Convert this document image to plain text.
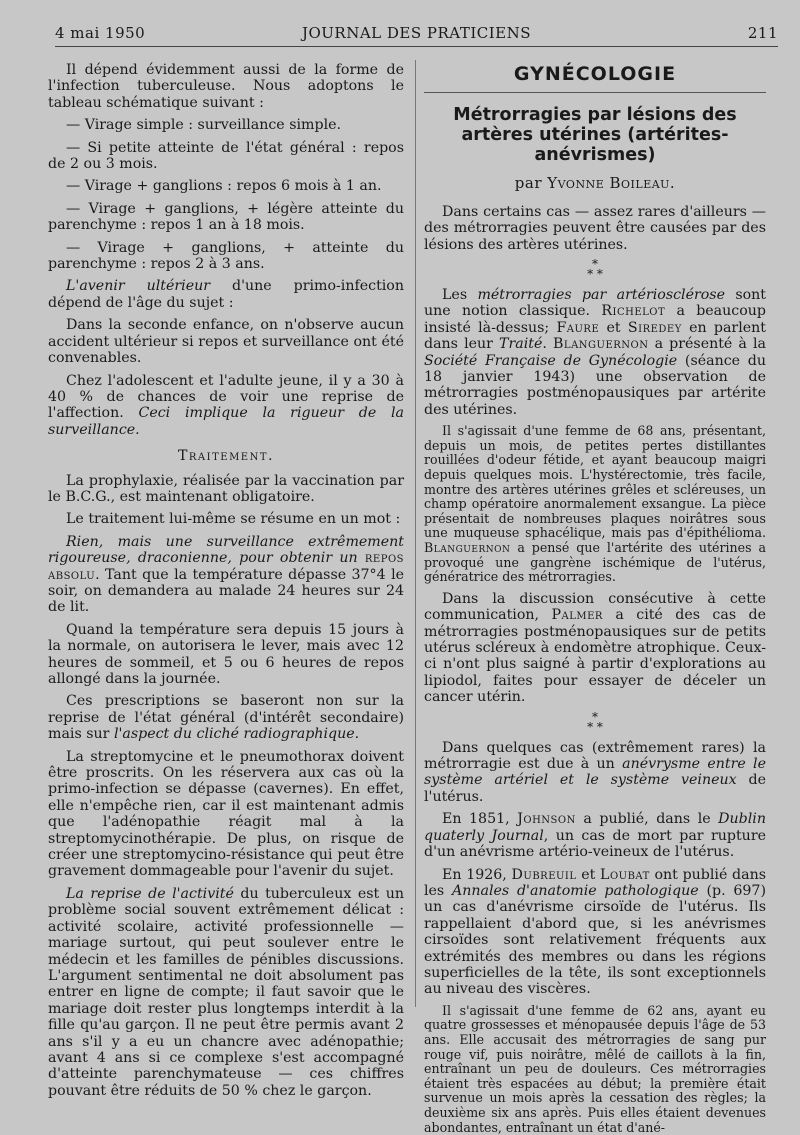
4 mai 1950	JOURNAL DES PRATICIENS	211

Il dépend évidemment aussi de la forme de l'infection tuberculeuse. Nous adoptons le tableau schématique suivant :

— Virage simple : surveillance simple.

— Si petite atteinte de l'état général : repos de 2 ou 3 mois.

— Virage + ganglions : repos 6 mois à 1 an.

— Virage + ganglions, + légère atteinte du parenchyme : repos 1 an à 18 mois.

— Virage + ganglions, + atteinte du parenchyme : repos 2 à 3 ans.

L'avenir ultérieur d'une primo-infection dépend de l'âge du sujet :

Dans la seconde enfance, on n'observe aucun accident ultérieur si repos et surveillance ont été convenables.

Chez l'adolescent et l'adulte jeune, il y a 30 à 40 % de chances de voir une reprise de l'affection. Ceci implique la rigueur de la surveillance.

Traitement.

La prophylaxie, réalisée par la vaccination par le B.C.G., est maintenant obligatoire.

Le traitement lui-même se résume en un mot :

Rien, mais une surveillance extrêmement rigoureuse, draconienne, pour obtenir un repos absolu. Tant que la température dépasse 37°4 le soir, on demandera au malade 24 heures sur 24 de lit.

Quand la température sera depuis 15 jours à la normale, on autorisera le lever, mais avec 12 heures de sommeil, et 5 ou 6 heures de repos allongé dans la journée.

Ces prescriptions se baseront non sur la reprise de l'état général (d'intérêt secondaire) mais sur l'aspect du cliché radiographique.

La streptomycine et le pneumothorax doivent être proscrits. On les réservera aux cas où la primo-infection se dépasse (cavernes). En effet, elle n'empêche rien, car il est maintenant admis que l'adénopathie réagit mal à la streptomycinothérapie. De plus, on risque de créer une streptomycino-résistance qui peut être gravement dommageable pour l'avenir du sujet.

La reprise de l'activité du tuberculeux est un problème social souvent extrêmement délicat : activité scolaire, activité professionnelle — mariage surtout, qui peut soulever entre le médecin et les familles de pénibles discussions. L'argument sentimental ne doit absolument pas entrer en ligne de compte; il faut savoir que le mariage doit rester plus longtemps interdit à la fille qu'au garçon. Il ne peut être permis avant 2 ans s'il y a eu un chancre avec adénopathie; avant 4 ans si ce complexe s'est accompagné d'atteinte parenchymateuse — ces chiffres pouvant être réduits de 50 % chez le garçon.

GYNÉCOLOGIE

Métrorragies par lésions des artères utérines (artérites-anévrismes)

par Yvonne Boileau.

Dans certains cas — assez rares d'ailleurs — des métrorragies peuvent être causées par des lésions des artères utérines.

*
* *

Les métrorragies par artériosclérose sont une notion classique. Richelot a beaucoup insisté là-dessus; Faure et Siredey en parlent dans leur Traité. Blanguernon a présenté à la Société Française de Gynécologie (séance du 18 janvier 1943) une observation de métrorragies postménopausiques par artérite des utérines.

Il s'agissait d'une femme de 68 ans, présentant, depuis un mois, de petites pertes distillantes rouillées d'odeur fétide, et ayant beaucoup maigri depuis quelques mois. L'hystérectomie, très facile, montre des artères utérines grêles et scléreuses, un champ opératoire anormalement exsangue. La pièce présentait de nombreuses plaques noirâtres sous une muqueuse sphacélique, mais pas d'épithélioma. Blanguernon a pensé que l'artérite des utérines a provoqué une gangrène ischémique de l'utérus, génératrice des métrorragies.

Dans la discussion consécutive à cette communication, Palmer a cité des cas de métrorragies postménopausiques sur de petits utérus scléreux à endomètre atrophique. Ceux-ci n'ont plus saigné à partir d'explorations au lipiodol, faites pour essayer de déceler un cancer utérin.

*
* *

Dans quelques cas (extrêmement rares) la métrorragie est due à un anévrysme entre le système artériel et le système veineux de l'utérus.

En 1851, Johnson a publié, dans le Dublin quaterly Journal, un cas de mort par rupture d'un anévrisme artério-veineux de l'utérus.

En 1926, Dubreuil et Loubat ont publié dans les Annales d'anatomie pathologique (p. 697) un cas d'anévrisme cirsoïde de l'utérus. Ils rappellaient d'abord que, si les anévrismes cirsoïdes sont relativement fréquents aux extrémités des membres ou dans les régions superficielles de la tête, ils sont exceptionnels au niveau des viscères.

Il s'agissait d'une femme de 62 ans, ayant eu quatre grossesses et ménopausée depuis l'âge de 53 ans. Elle accusait des métrorragies de sang pur rouge vif, puis noirâtre, mêlé de caillots à la fin, entraînant un peu de douleurs. Ces métrorragies étaient très espacées au début; la première était survenue un mois après la cessation des règles; la deuxième six ans après. Puis elles étaient devenues abondantes, entraînant un état d'ané-
